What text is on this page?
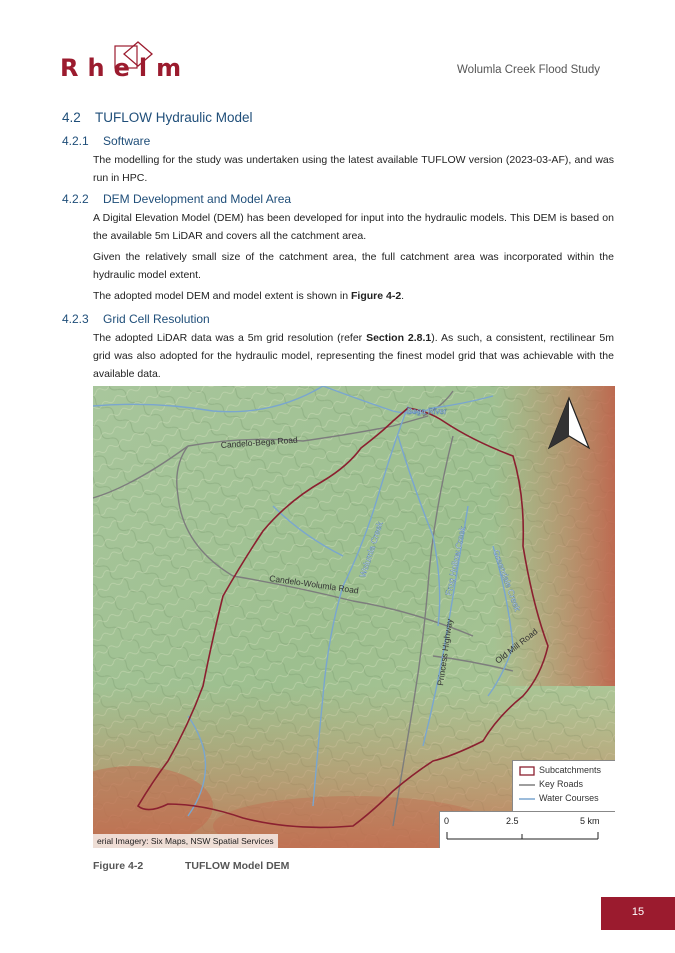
R h e l m	Wolumla Creek Flood Study
4.2 TUFLOW Hydraulic Model
4.2.1 Software
The modelling for the study was undertaken using the latest available TUFLOW version (2023-03-AF), and was run in HPC.
4.2.2 DEM Development and Model Area
A Digital Elevation Model (DEM) has been developed for input into the hydraulic models. This DEM is based on the available 5m LiDAR and covers all the catchment area.
Given the relatively small size of the catchment area, the full catchment area was incorporated within the hydraulic model extent.
The adopted model DEM and model extent is shown in Figure 4-2.
4.2.3 Grid Cell Resolution
The adopted LiDAR data was a 5m grid resolution (refer Section 2.8.1). As such, a consistent, rectilinear 5m grid was also adopted for the hydraulic model, representing the finest model grid that was achievable with the available data.
Bega River
Candelo-Bega Road
Candelo-Wolumla Road
Wolumla Creek	Frog Hollow Creek	Greendale Creek
Princess Highway	Old Mill Road
Subcatchments
Key Roads
Water Courses
0	2.5	5 km
erial Imagery: Six Maps, NSW Spatial Services
Figure 4-2	TUFLOW Model DEM
15
